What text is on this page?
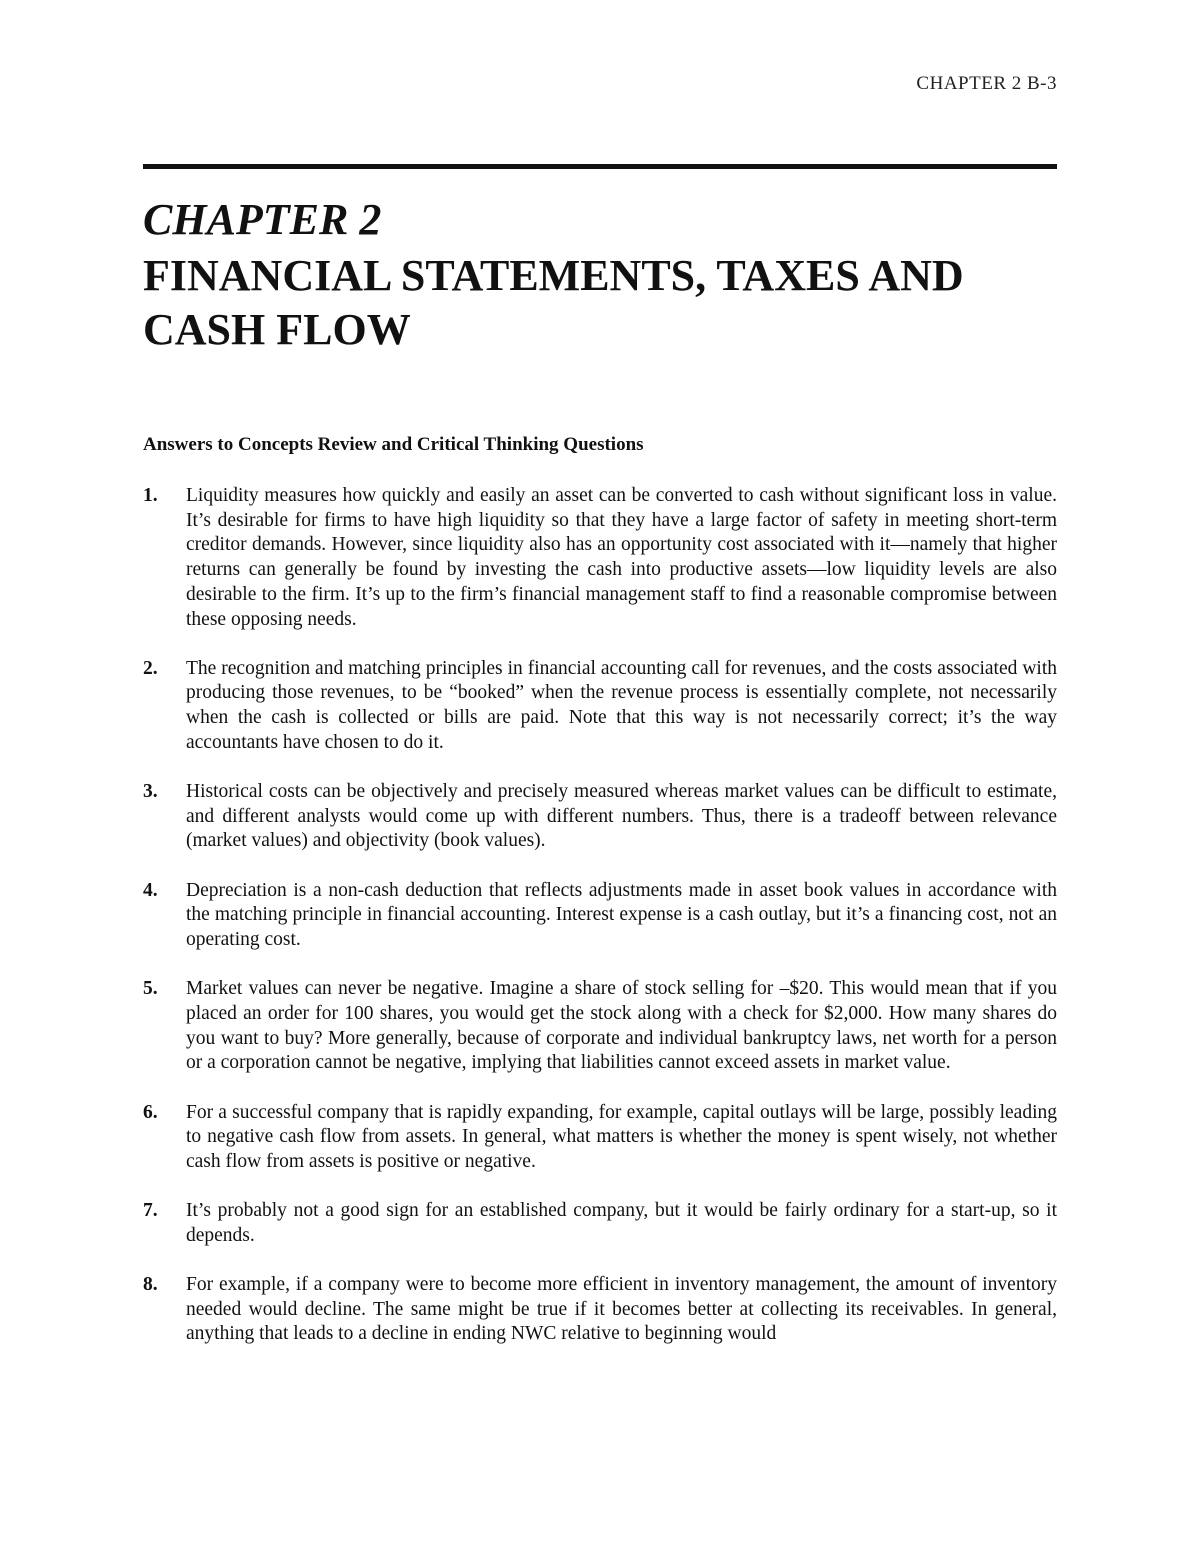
CHAPTER 2 B-3
CHAPTER 2
FINANCIAL STATEMENTS, TAXES AND CASH FLOW
Answers to Concepts Review and Critical Thinking Questions
1.	Liquidity measures how quickly and easily an asset can be converted to cash without significant loss in value. It’s desirable for firms to have high liquidity so that they have a large factor of safety in meeting short-term creditor demands. However, since liquidity also has an opportunity cost associated with it—namely that higher returns can generally be found by investing the cash into productive assets—low liquidity levels are also desirable to the firm. It’s up to the firm’s financial management staff to find a reasonable compromise between these opposing needs.
2.	The recognition and matching principles in financial accounting call for revenues, and the costs associated with producing those revenues, to be “booked” when the revenue process is essentially complete, not necessarily when the cash is collected or bills are paid. Note that this way is not necessarily correct; it’s the way accountants have chosen to do it.
3.	Historical costs can be objectively and precisely measured whereas market values can be difficult to estimate, and different analysts would come up with different numbers. Thus, there is a tradeoff between relevance (market values) and objectivity (book values).
4.	Depreciation is a non-cash deduction that reflects adjustments made in asset book values in accordance with the matching principle in financial accounting. Interest expense is a cash outlay, but it’s a financing cost, not an operating cost.
5.	Market values can never be negative. Imagine a share of stock selling for –$20. This would mean that if you placed an order for 100 shares, you would get the stock along with a check for $2,000. How many shares do you want to buy? More generally, because of corporate and individual bankruptcy laws, net worth for a person or a corporation cannot be negative, implying that liabilities cannot exceed assets in market value.
6.	For a successful company that is rapidly expanding, for example, capital outlays will be large, possibly leading to negative cash flow from assets. In general, what matters is whether the money is spent wisely, not whether cash flow from assets is positive or negative.
7.	It’s probably not a good sign for an established company, but it would be fairly ordinary for a start-up, so it depends.
8.	For example, if a company were to become more efficient in inventory management, the amount of inventory needed would decline. The same might be true if it becomes better at collecting its receivables. In general, anything that leads to a decline in ending NWC relative to beginning would
